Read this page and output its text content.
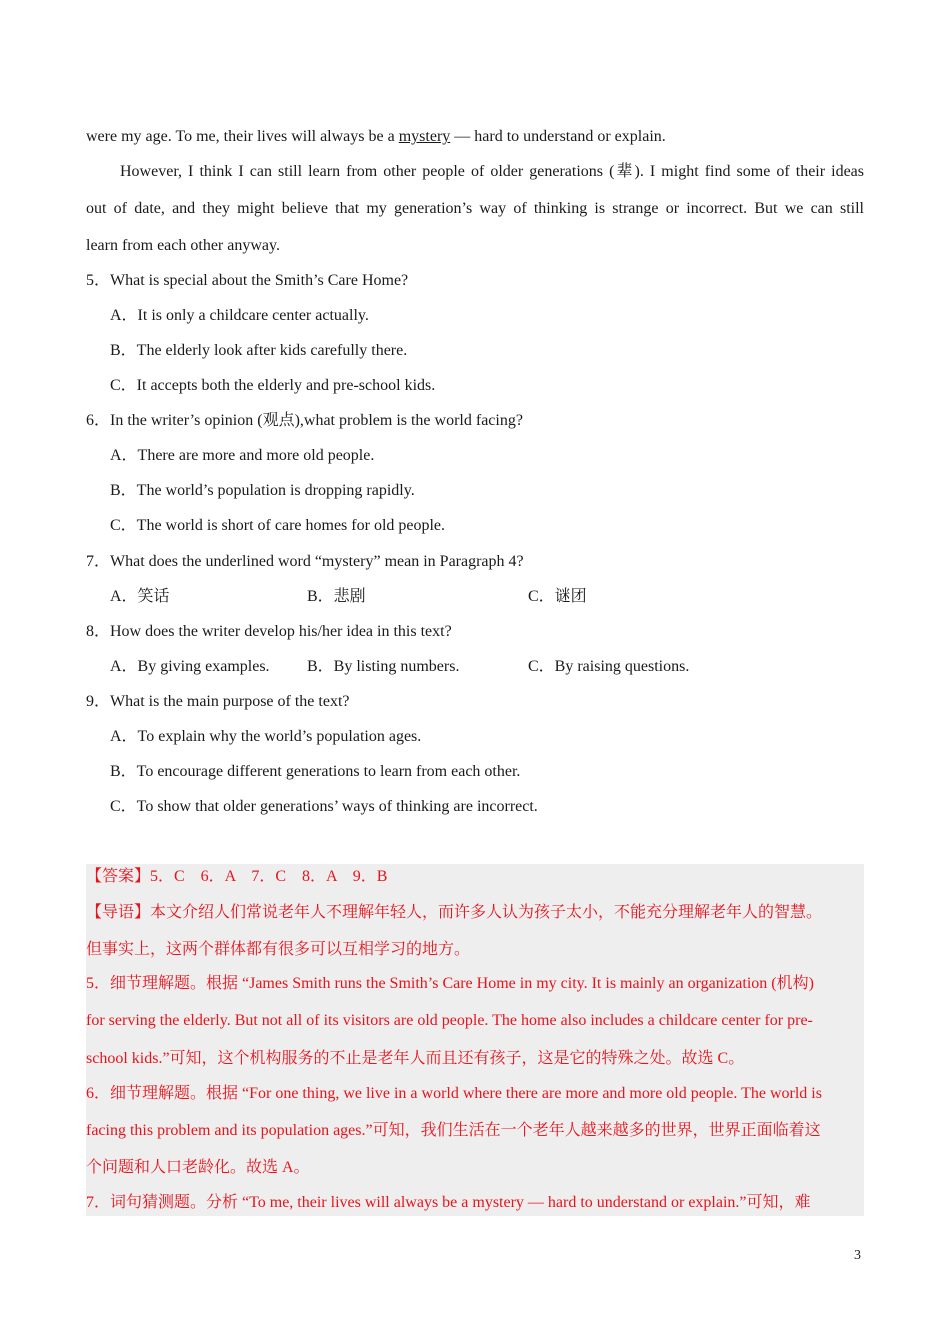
were my age. To me, their lives will always be a mystery — hard to understand or explain.
However, I think I can still learn from other people of older generations (辈). I might find some of their ideas
out of date, and they might believe that my generation’s way of thinking is strange or incorrect. But we can still
learn from each other anyway.
5．What is special about the Smith’s Care Home?
A．It is only a childcare center actually.
B．The elderly look after kids carefully there.
C．It accepts both the elderly and pre-school kids.
6．In the writer’s opinion (观点),what problem is the world facing?
A．There are more and more old people.
B．The world’s population is dropping rapidly.
C．The world is short of care homes for old people.
7．What does the underlined word “mystery” mean in Paragraph 4?
A．笑话	B．悲剧	C．谜团
8．How does the writer develop his/her idea in this text?
A．By giving examples. B．By listing numbers.	C．By raising questions.
9．What is the main purpose of the text?
A．To explain why the world’s population ages.
B．To encourage different generations to learn from each other.
C．To show that older generations’ ways of thinking are incorrect.
【答案】5．C　6．A　7．C　8．A　9．B
【导语】本文介绍人们常说老年人不理解年轻人，而许多人认为孩子太小，不能充分理解老年人的智慧。
但事实上，这两个群体都有很多可以互相学习的地方。
5．细节理解题。根据 “James Smith runs the Smith’s Care Home in my city. It is mainly an organization (机构)
for serving the elderly. But not all of its visitors are old people. The home also includes a childcare center for pre-
school kids.”可知，这个机构服务的不止是老年人而且还有孩子，这是它的特殊之处。故选 C。
6．细节理解题。根据 “For one thing, we live in a world where there are more and more old people. The world is
facing this problem and its population ages.”可知，我们生活在一个老年人越来越多的世界，世界正面临着这
个问题和人口老龄化。故选 A。
7．词句猜测题。分析 “To me, their lives will always be a mystery — hard to understand or explain.”可知，难
3
